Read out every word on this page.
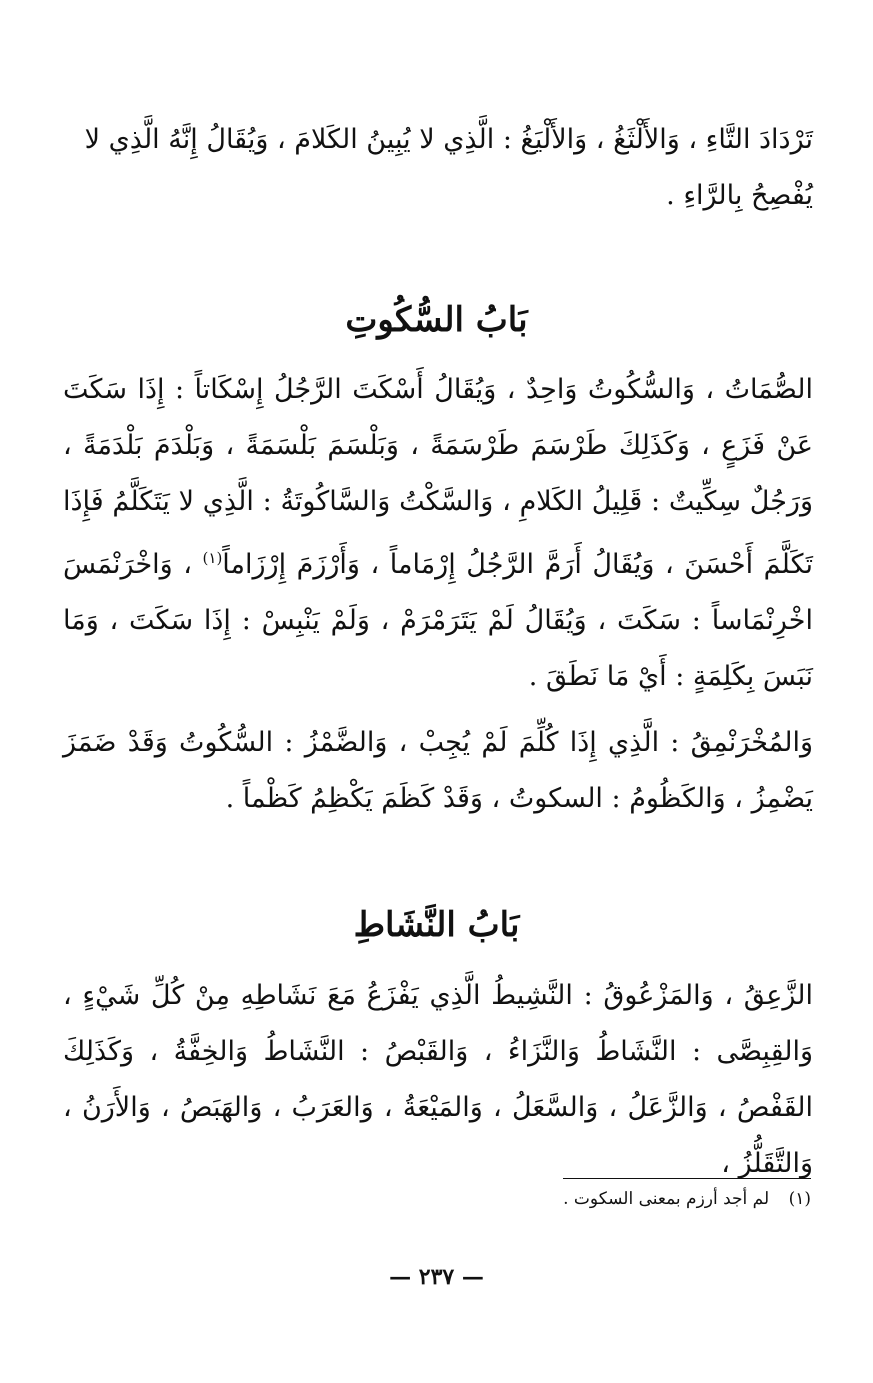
تَرْدَادَ التَّاءِ ، وَالأَلْثَغُ ، وَالأَلْيَغُ : الَّذِي لا يُبِينُ الكَلامَ ، وَيُقَالُ إِنَّهُ الَّذِي لا

يُفْصِحُ بِالرَّاءِ .

بَابُ السُّكُوتِ

الصُّمَاتُ ، وَالسُّكُوتُ وَاحِدٌ ، وَيُقَالُ أَسْكَتَ الرَّجُلُ إِسْكَاتاً : إِذَا سَكَتَ عَنْ فَزَعٍ ، وَكَذَلِكَ طَرْسَمَ طَرْسَمَةً ، وَبَلْسَمَ بَلْسَمَةً ، وَبَلْدَمَ بَلْدَمَةً ، وَرَجُلٌ سِكِّيتٌ : قَلِيلُ الكَلامِ ، وَالسَّكْتُ وَالسَّاكُوتَةُ : الَّذِي لا يَتَكَلَّمُ فَإِذَا تَكَلَّمَ أَحْسَنَ ، وَيُقَالُ أَرَمَّ الرَّجُلُ إِرْمَاماً ، وَأَرْزَمَ إِرْزَاماً$^{(١)}$ ، وَاخْرَنْمَسَ اخْرِنْمَاساً : سَكَتَ ، وَيُقَالُ لَمْ يَتَرَمْرَمْ ، وَلَمْ يَنْبِسْ : إِذَا سَكَتَ ، وَمَا نَبَسَ بِكَلِمَةٍ : أَيْ مَا نَطَقَ .

وَالمُخْرَنْمِقُ : الَّذِي إِذَا كُلِّمَ لَمْ يُجِبْ ، وَالضَّمْزُ : السُّكُوتُ وَقَدْ ضَمَزَ يَضْمِزُ ، وَالكَظُومُ : السكوتُ ، وَقَدْ كَظَمَ يَكْظِمُ كَظْماً .

بَابُ النَّشَاطِ

الزَّعِقُ ، وَالمَزْعُوقُ : النَّشِيطُ الَّذِي يَفْزَعُ مَعَ نَشَاطِهِ مِنْ كُلِّ شَيْءٍ ، وَالقِبِصَّى : النَّشَاطُ وَالنَّزَاءُ ، وَالقَبْصُ : النَّشَاطُ وَالخِفَّةُ ، وَكَذَلِكَ القَفْصُ ، وَالزَّعَلُ ، وَالسَّعَلُ ، وَالمَيْعَةُ ، وَالعَرَبُ ، وَالهَبَصُ ، وَالأَرَنُ ، وَالتَّقَلُّزُ ،

(١) لم أجد أرزم بمعنى السكوت .
— ٢٣٧ —
